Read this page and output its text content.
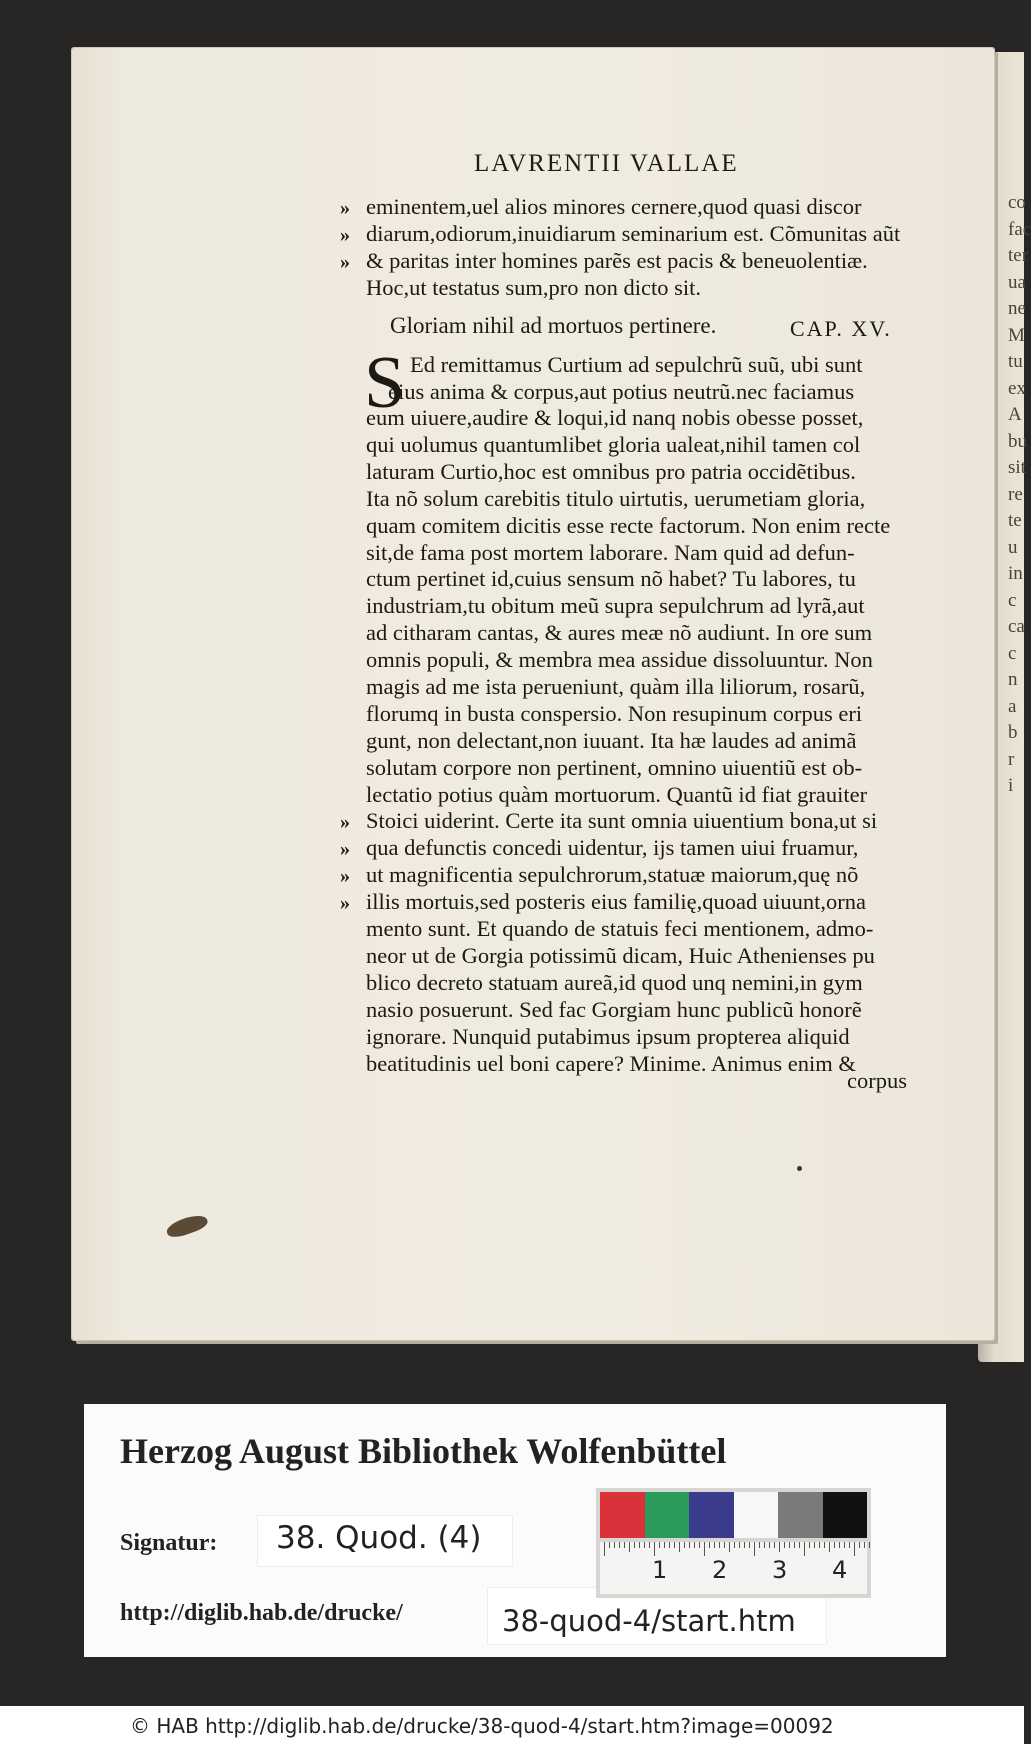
co
fac
ter
ua
ne
M
tu
ex
A
bu
sit
re
te
u
in
c
ca
c
n
a
b
r
i
LAVRENTII VALLAE
eminentem,uel alios minores cernere,quod quasi discor
diarum,odiorum,inuidiarum seminarium est. Cõmunitas aũt
& paritas inter homines parẽs est pacis & beneuolentiæ.
Hoc,ut testatus sum,pro non dicto sit.
Ed remittamus Curtium ad sepulchrũ suũ, ubi sunt
eius anima & corpus,aut potius neutrũ.nec faciamus
eum uiuere,audire & loqui,id nanq nobis obesse posset,
qui uolumus quantumlibet gloria ualeat,nihil tamen col
laturam Curtio,hoc est omnibus pro patria occidẽtibus.
Ita nõ solum carebitis titulo uirtutis, uerumetiam gloria,
quam comitem dicitis esse recte factorum. Non enim recte
sit,de fama post mortem laborare. Nam quid ad defun-
ctum pertinet id,cuius sensum nõ habet? Tu labores, tu
industriam,tu obitum meũ supra sepulchrum ad lyrã,aut
ad citharam cantas, & aures meæ nõ audiunt. In ore sum
omnis populi, & membra mea assidue dissoluuntur. Non
magis ad me ista perueniunt, quàm illa liliorum, rosarũ,
florumq in busta conspersio. Non resupinum corpus eri
gunt, non delectant,non iuuant. Ita hæ laudes ad animã
solutam corpore non pertinent, omnino uiuentiũ est ob-
lectatio potius quàm mortuorum. Quantũ id fiat grauiter
Stoici uiderint. Certe ita sunt omnia uiuentium bona,ut si
qua defunctis concedi uidentur, ijs tamen uiui fruamur,
ut magnificentia sepulchrorum,statuæ maiorum,quę nõ
illis mortuis,sed posteris eius familię,quoad uiuunt,orna
mento sunt. Et quando de statuis feci mentionem, admo-
neor ut de Gorgia potissimũ dicam, Huic Athenienses pu
blico decreto statuam aureã,id quod unq nemini,in gym
nasio posuerunt. Sed fac Gorgiam hunc publicũ honorẽ
ignorare. Nunquid putabimus ipsum propterea aliquid
beatitudinis uel boni capere? Minime. Animus enim &
»
»
»
»
»
»
»
Gloriam nihil ad mortuos pertinere.	CAP. XV.
S
corpus
Herzog August Bibliothek Wolfenbüttel
Signatur: 38. Quod. (4)
http://diglib.hab.de/drucke/	38-quod-4/start.htm
1 2 3 4
© HAB http://diglib.hab.de/drucke/38-quod-4/start.htm?image=00092
